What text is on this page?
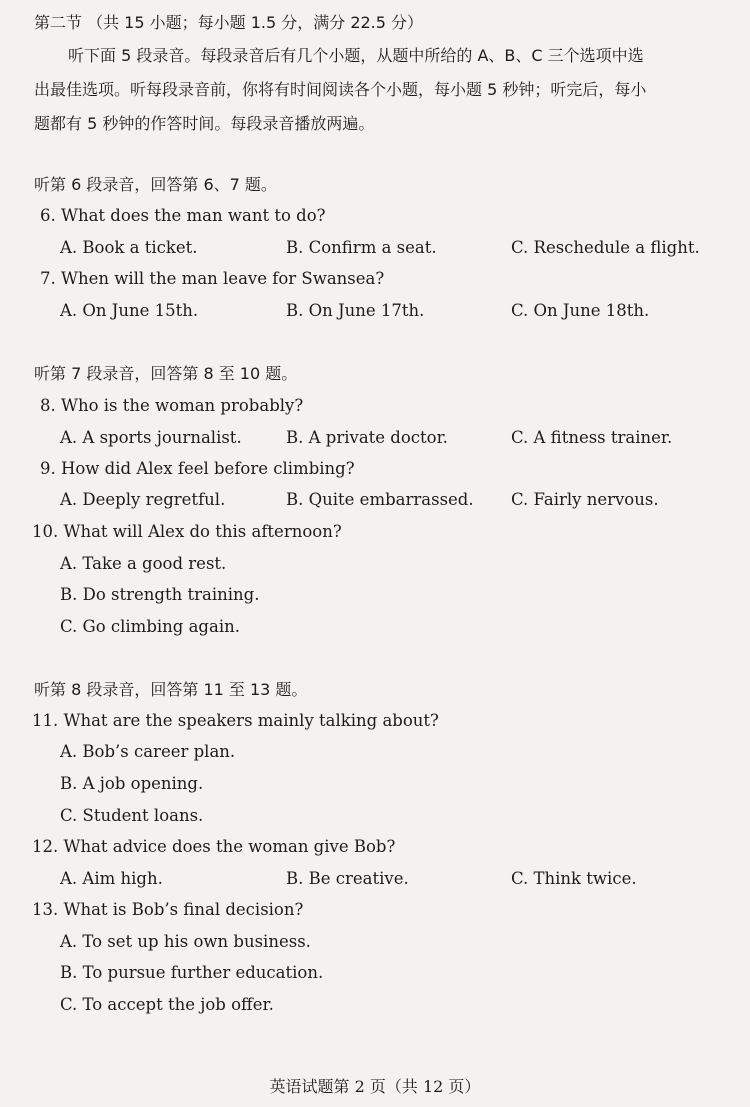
第二节 （共 15 小题；每小题 1.5 分，满分 22.5 分）
听下面 5 段录音。每段录音后有几个小题，从题中所给的 A、B、C 三个选项中选
出最佳选项。听每段录音前，你将有时间阅读各个小题，每小题 5 秒钟；听完后，每小
题都有 5 秒钟的作答时间。每段录音播放两遍。
听第 6 段录音，回答第 6、7 题。
6. What does the man want to do?
A. Book a ticket.	B. Confirm a seat.	C. Reschedule a flight.
7. When will the man leave for Swansea?
A. On June 15th.	B. On June 17th.	C. On June 18th.
听第 7 段录音，回答第 8 至 10 题。
8. Who is the woman probably?
A. A sports journalist.	B. A private doctor.	C. A fitness trainer.
9. How did Alex feel before climbing?
A. Deeply regretful.	B. Quite embarrassed. C. Fairly nervous.
10. What will Alex do this afternoon?
A. Take a good rest.
B. Do strength training.
C. Go climbing again.
听第 8 段录音，回答第 11 至 13 题。
11. What are the speakers mainly talking about?
A. Bob’s career plan.
B. A job opening.
C. Student loans.
12. What advice does the woman give Bob?
A. Aim high.	B. Be creative.	C. Think twice.
13. What is Bob’s final decision?
A. To set up his own business.
B. To pursue further education.
C. To accept the job offer.
英语试题第 2 页（共 12 页）
